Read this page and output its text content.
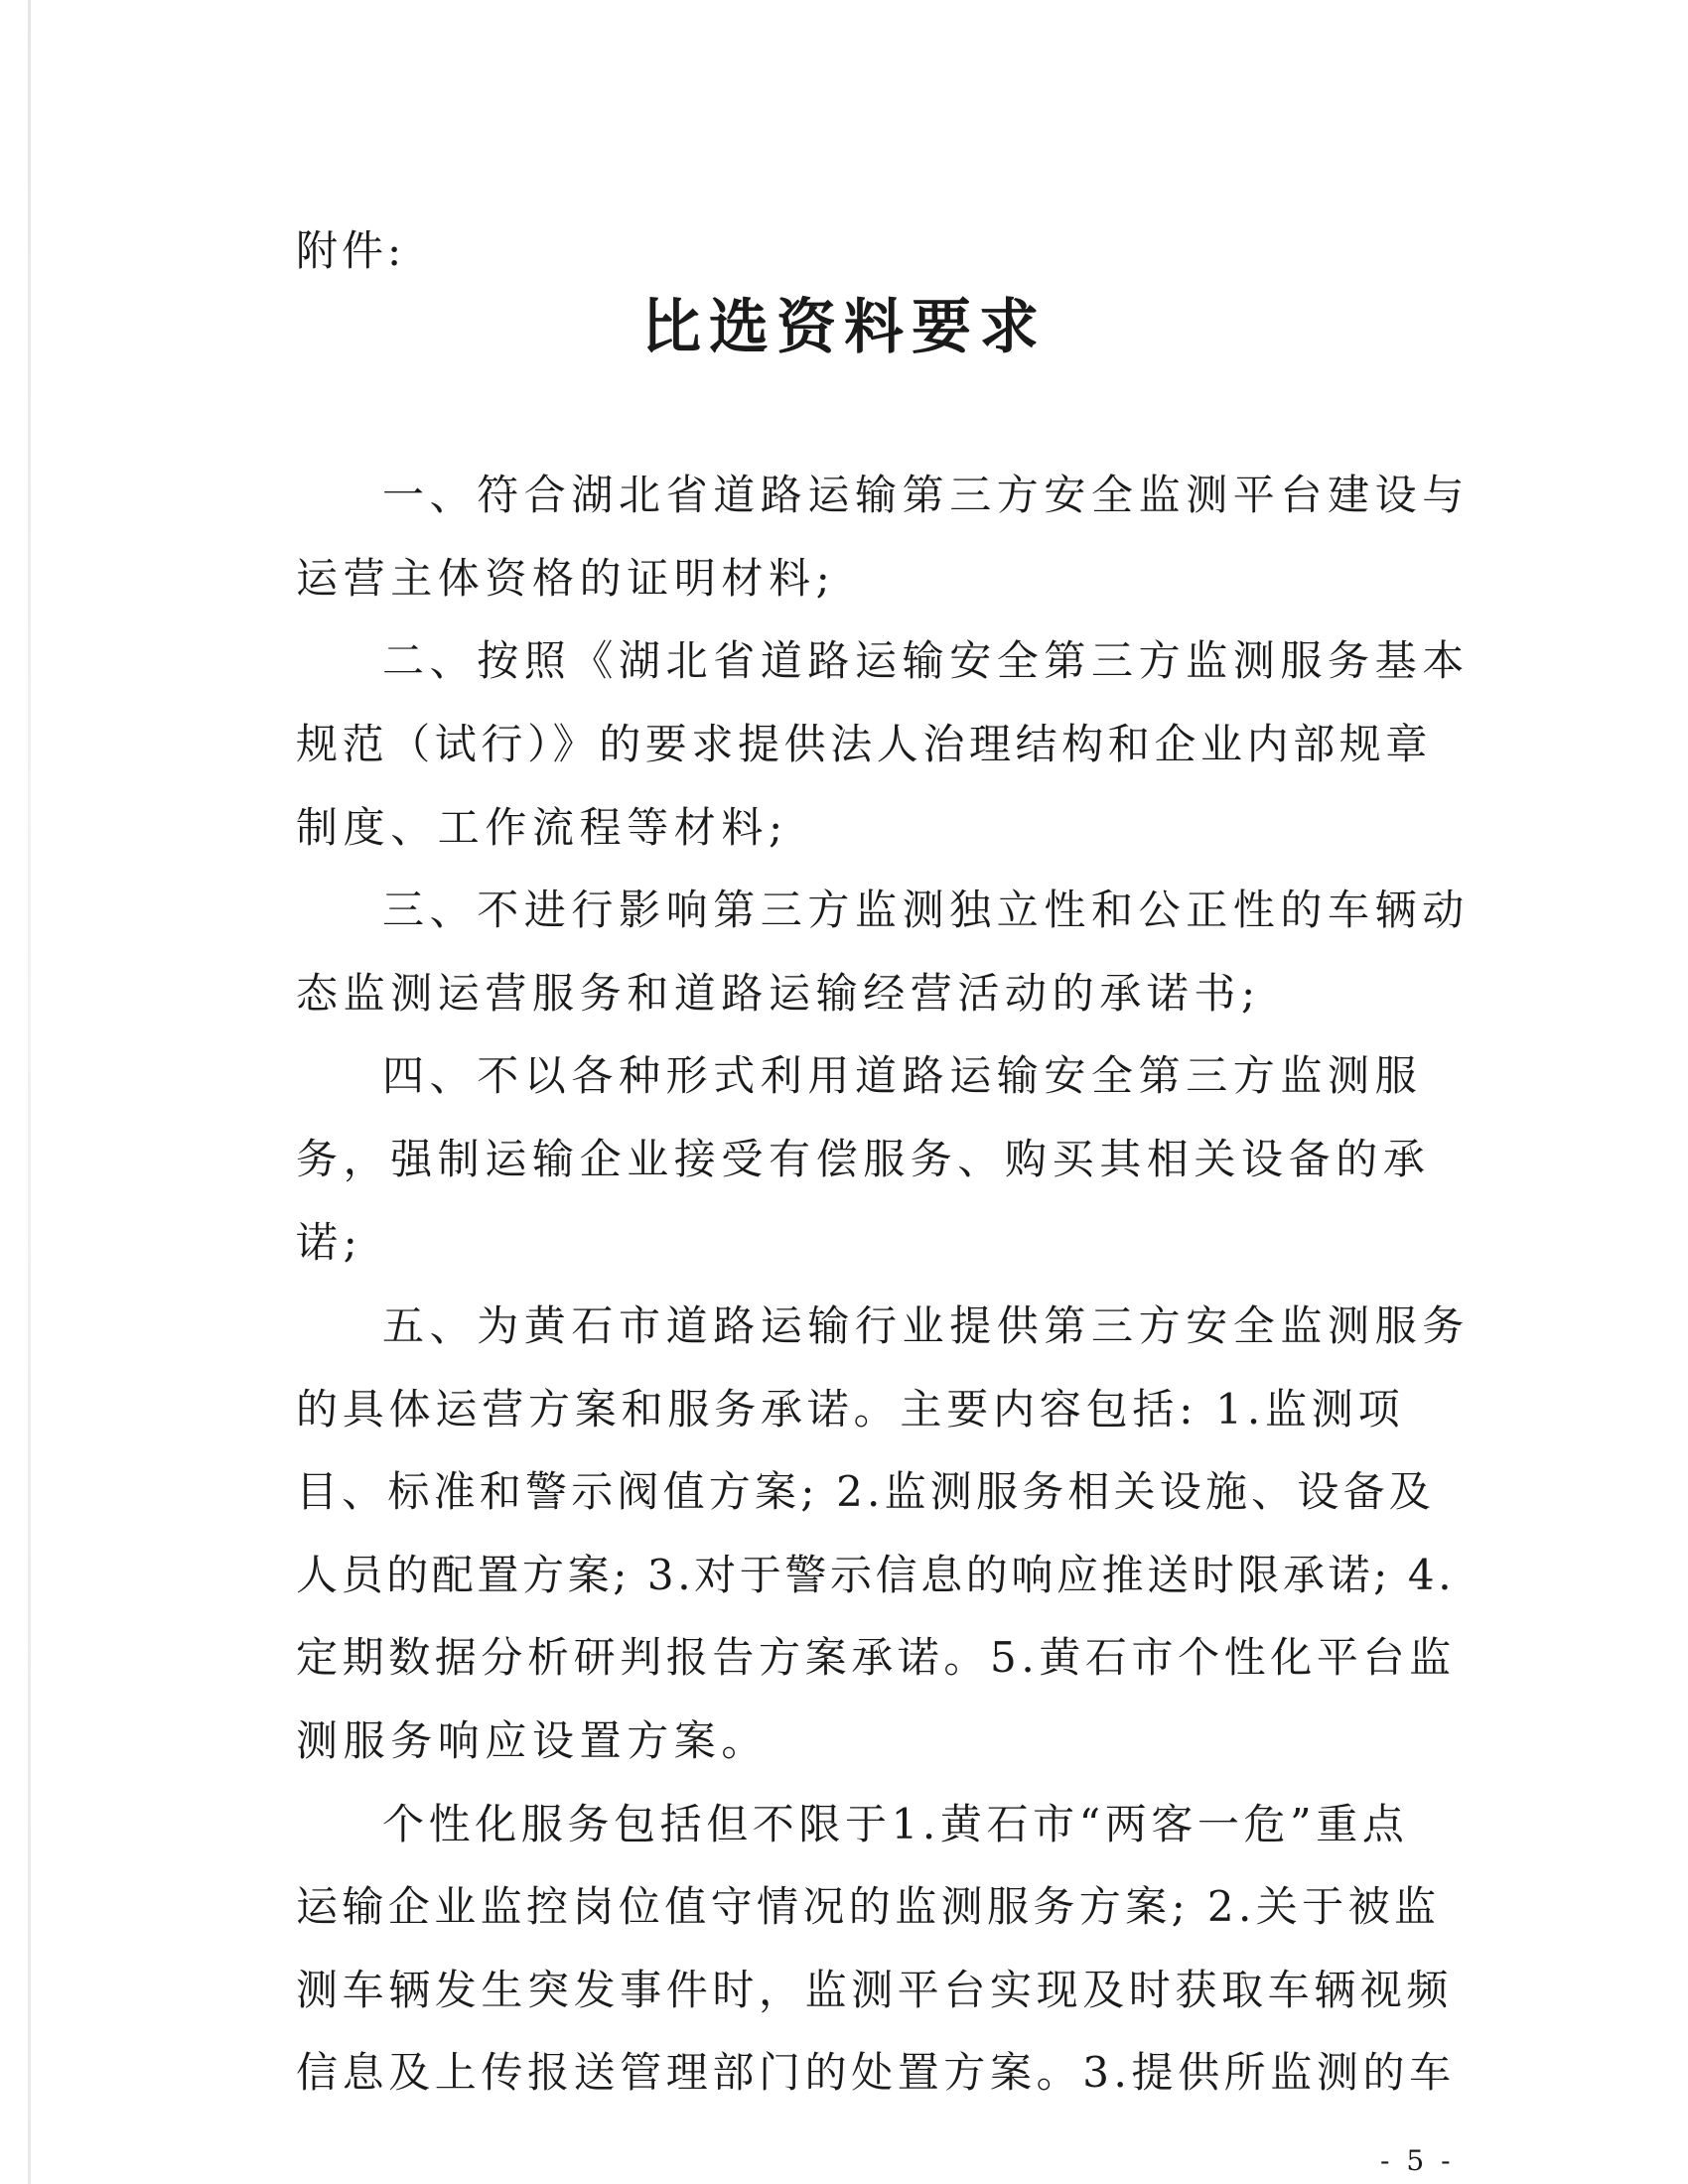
附件:
比选资料要求
一、符合湖北省道路运输第三方安全监测平台建设与
运营主体资格的证明材料;
二、按照《湖北省道路运输安全第三方监测服务基本
规范（试行）》的要求提供法人治理结构和企业内部规章
制度、工作流程等材料;
三、不进行影响第三方监测独立性和公正性的车辆动
态监测运营服务和道路运输经营活动的承诺书;
四、不以各种形式利用道路运输安全第三方监测服
务，强制运输企业接受有偿服务、购买其相关设备的承
诺;
五、为黄石市道路运输行业提供第三方安全监测服务
的具体运营方案和服务承诺。主要内容包括: 1.监测项
目、标准和警示阀值方案; 2.监测服务相关设施、设备及
人员的配置方案; 3.对于警示信息的响应推送时限承诺; 4.
定期数据分析研判报告方案承诺。5.黄石市个性化平台监
测服务响应设置方案。
个性化服务包括但不限于1.黄石市“两客一危”重点
运输企业监控岗位值守情况的监测服务方案; 2.关于被监
测车辆发生突发事件时，监测平台实现及时获取车辆视频
信息及上传报送管理部门的处置方案。3.提供所监测的车
- 5 -
